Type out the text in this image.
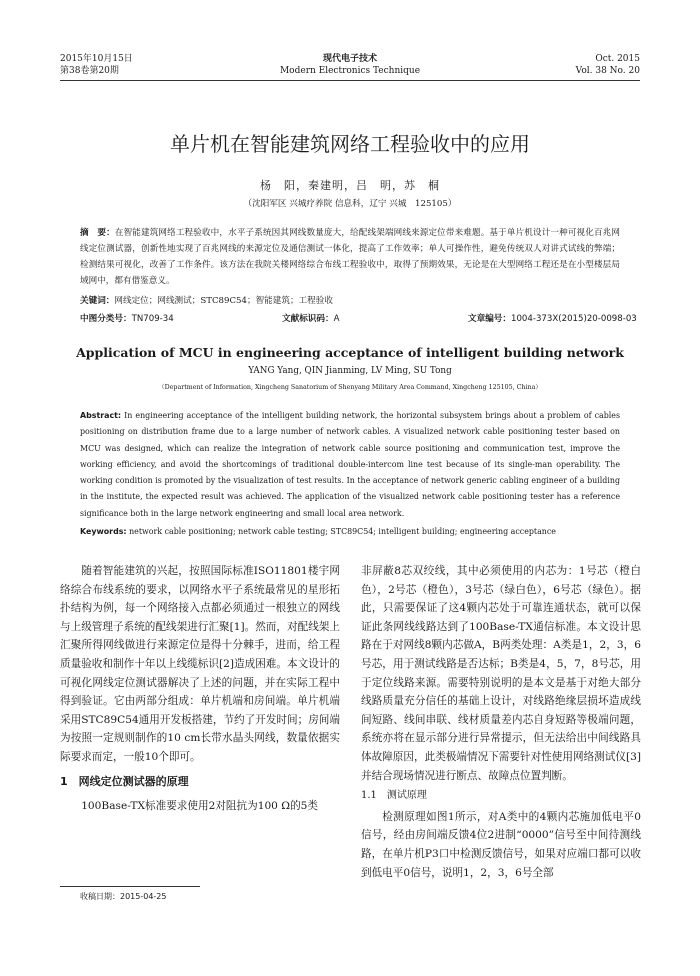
2015年10月15日
第38卷第20期
现代电子技术
Modern Electronics Technique
Oct. 2015
Vol. 38 No. 20
单片机在智能建筑网络工程验收中的应用
杨　阳，秦建明，吕　明，苏　桐
（沈阳军区 兴城疗养院 信息科，辽宁 兴城　125105）
摘　要：在智能建筑网络工程验收中，水平子系统因其网线数量庞大，给配线架端网线来源定位带来难题。基于单片机设计一种可视化百兆网线定位测试器，创新性地实现了百兆网线的来源定位及通信测试一体化，提高了工作效率；单人可操作性，避免传统双人对讲式试线的弊端；检测结果可视化，改善了工作条件。该方法在我院关楼网络综合布线工程验收中，取得了预期效果，无论是在大型网络工程还是在小型楼层局域网中，都有借鉴意义。
关键词：网线定位；网线测试；STC89C54；智能建筑；工程验收
中图分类号：TN709-34	文献标识码：A	文章编号：1004-373X(2015)20-0098-03
Application of MCU in engineering acceptance of intelligent building network
YANG Yang, QIN Jianming, LV Ming, SU Tong
（Department of Information, Xingcheng Sanatorium of Shenyang Military Area Command, Xingcheng 125105, China）
Abstract: In engineering acceptance of the intelligent building network, the horizontal subsystem brings about a problem of cables positioning on distribution frame due to a large number of network cables. A visualized network cable positioning tester based on MCU was designed, which can realize the integration of network cable source positioning and communication test, improve the working efficiency, and avoid the shortcomings of traditional double-intercom line test because of its single-man operability. The working condition is promoted by the visualization of test results. In the acceptance of network generic cabling engineer of a building in the institute, the expected result was achieved. The application of the visualized network cable positioning tester has a reference significance both in the large network engineering and small local area network.
Keywords: network cable positioning; network cable testing; STC89C54; intelligent building; engineering acceptance

随着智能建筑的兴起，按照国际标准ISO11801楼宇网络综合布线系统的要求，以网络水平子系统最常见的星形拓扑结构为例，每一个网络接入点都必须通过一根独立的网线与上级管理子系统的配线架进行汇聚[1]。然而，对配线架上汇聚所得网线做进行来源定位是得十分棘手，进而，给工程质量验收和制作十年以上线缆标识[2]造成困难。本文设计的可视化网线定位测试器解决了上述的问题，并在实际工程中得到验证。它由两部分组成：单片机端和房间端。单片机端采用STC89C54通用开发板搭建，节约了开发时间；房间端为按照一定规则制作的10 cm长带水晶头网线，数量依据实际要求而定，一般10个即可。

1　网线定位测试器的原理

100Base-TX标准要求使用2对阻抗为100 Ω的5类

收稿日期：2015-04-25

非屏蔽8芯双绞线，其中必须使用的内芯为：1号芯（橙白色），2号芯（橙色），3号芯（绿白色），6号芯（绿色）。据此，只需要保证了这4颗内芯处于可靠连通状态，就可以保证此条网线线路达到了100Base-TX通信标准。本文设计思路在于对网线8颗内芯做A，B两类处理：A类是1，2，3，6号芯，用于测试线路是否达标；B类是4，5，7，8号芯，用于定位线路来源。需要特别说明的是本文是基于对绝大部分线路质量充分信任的基础上设计，对线路绝缘层损坏造成线间短路、线间串联、线材质量差内芯自身短路等极端问题，系统亦将在显示部分进行异常提示，但无法给出中间线路具体故障原因，此类极端情况下需要针对性使用网络测试仪[3]并结合现场情况进行断点、故障点位置判断。

1.1　测试原理

检测原理如图1所示，对A类中的4颗内芯施加低电平0信号，经由房间端反馈4位2进制“0000”信号至中间待测线路，在单片机P3口中检测反馈信号，如果对应端口都可以收到低电平0信号，说明1，2，3，6号全部
